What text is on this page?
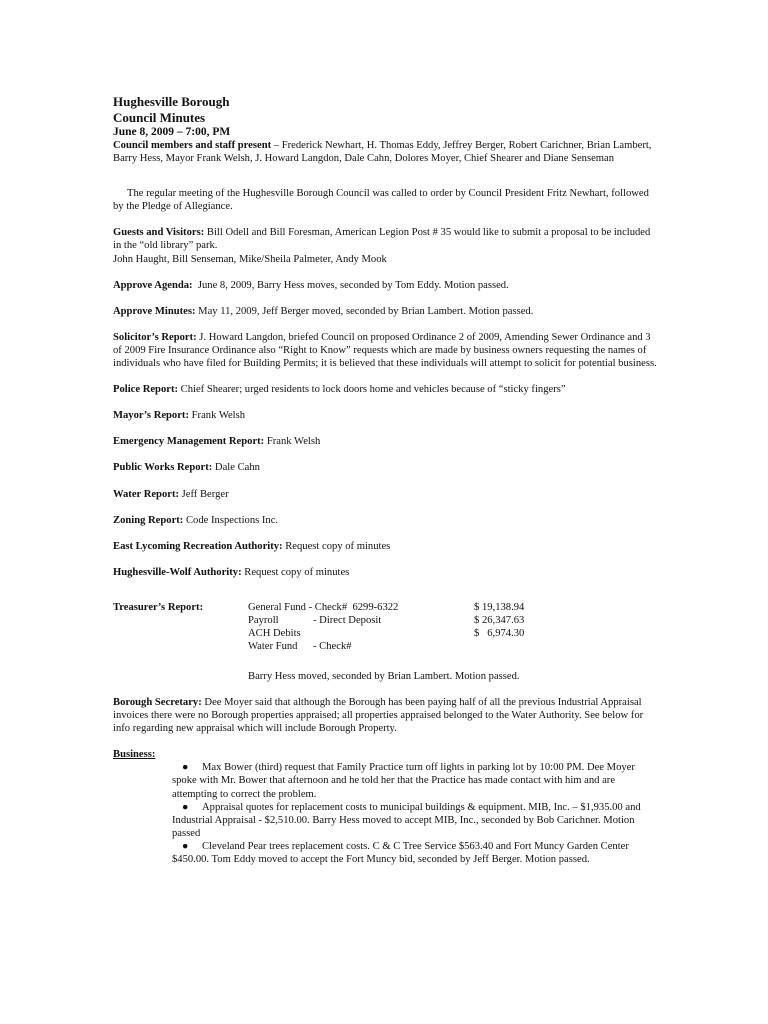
Hughesville Borough
Council Minutes
June 8, 2009 – 7:00, PM
Council members and staff present – Frederick Newhart, H. Thomas Eddy, Jeffrey Berger, Robert Carichner, Brian Lambert, Barry Hess, Mayor Frank Welsh, J. Howard Langdon, Dale Cahn, Dolores Moyer, Chief Shearer and Diane Senseman
The regular meeting of the Hughesville Borough Council was called to order by Council President Fritz Newhart, followed by the Pledge of Allegiance.
Guests and Visitors: Bill Odell and Bill Foresman, American Legion Post # 35 would like to submit a proposal to be included in the “old library” park.
John Haught, Bill Senseman, Mike/Sheila Palmeter, Andy Mook
Approve Agenda:  June 8, 2009, Barry Hess moves, seconded by Tom Eddy. Motion passed.
Approve Minutes: May 11, 2009, Jeff Berger moved, seconded by Brian Lambert. Motion passed.
Solicitor’s Report: J. Howard Langdon, briefed Council on proposed Ordinance 2 of 2009, Amending Sewer Ordinance and 3 of 2009 Fire Insurance Ordinance also “Right to Know” requests which are made by business owners requesting the names of individuals who have filed for Building Permits; it is believed that these individuals will attempt to solicit for potential business.
Police Report: Chief Shearer; urged residents to lock doors home and vehicles because of “sticky fingers”
Mayor’s Report: Frank Welsh
Emergency Management Report: Frank Welsh
Public Works Report: Dale Cahn
Water Report: Jeff Berger
Zoning Report: Code Inspections Inc.
East Lycoming Recreation Authority: Request copy of minutes
Hughesville-Wolf Authority: Request copy of minutes
Treasurer’s Report:	General Fund - Check#  6299-6322	$ 19,138.94
Payroll	- Direct Deposit	$ 26,347.63
ACH Debits	$   6,974.30
Water Fund - Check#
Barry Hess moved, seconded by Brian Lambert. Motion passed.
Borough Secretary: Dee Moyer said that although the Borough has been paying half of all the previous Industrial Appraisal invoices there were no Borough properties appraised; all properties appraised belonged to the Water Authority. See below for info regarding new appraisal which will include Borough Property.
Business:
● Max Bower (third) request that Family Practice turn off lights in parking lot by 10:00 PM. Dee Moyer spoke with Mr. Bower that afternoon and he told her that the Practice has made contact with him and are attempting to correct the problem.
● Appraisal quotes for replacement costs to municipal buildings & equipment. MIB, Inc. – $1,935.00 and Industrial Appraisal - $2,510.00. Barry Hess moved to accept MIB, Inc., seconded by Bob Carichner. Motion passed
● Cleveland Pear trees replacement costs. C & C Tree Service $563.40 and Fort Muncy Garden Center $450.00. Tom Eddy moved to accept the Fort Muncy bid, seconded by Jeff Berger. Motion passed.
